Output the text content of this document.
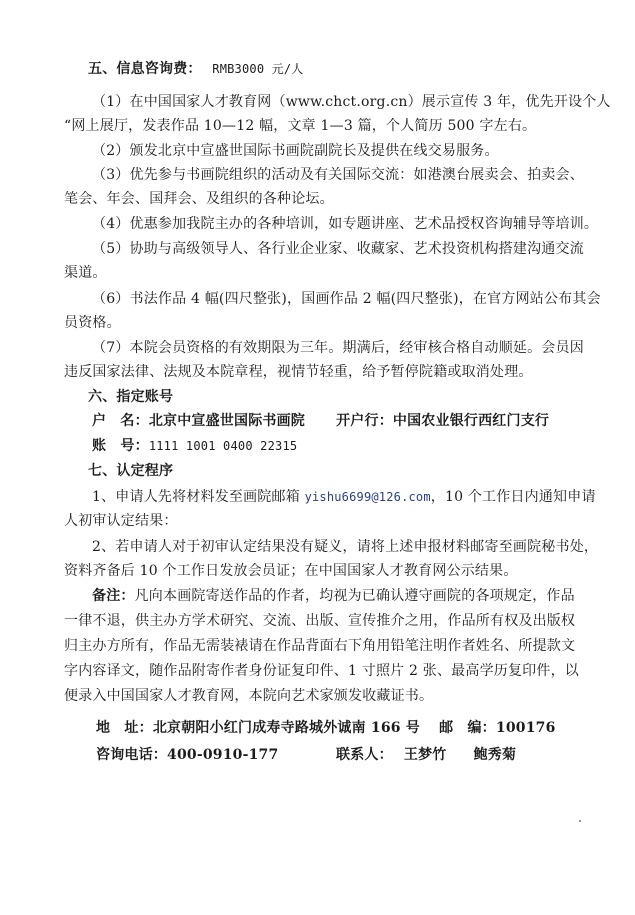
五、信息咨询费： RMB3000 元/人
（1）在中国国家人才教育网（www.chct.org.cn）展示宣传 3 年，优先开设个人
“网上展厅，发表作品 10—12 幅，文章 1—3 篇，个人简历 500 字左右。
（2）颁发北京中宣盛世国际书画院副院长及提供在线交易服务。
（3）优先参与书画院组织的活动及有关国际交流：如港澳台展卖会、拍卖会、
笔会、年会、国拜会、及组织的各种论坛。
（4）优惠参加我院主办的各种培训，如专题讲座、艺术品授权咨询辅导等培训。
（5）协助与高级领导人、各行业企业家、收藏家、艺术投资机构搭建沟通交流
渠道。
（6）书法作品 4 幅(四尺整张)，国画作品 2 幅(四尺整张)，在官方网站公布其会
员资格。
（7）本院会员资格的有效期限为三年。期满后，经审核合格自动顺延。会员因
违反国家法律、法规及本院章程，视情节轻重，给予暂停院籍或取消处理。
六、指定账号
户　名：北京中宣盛世国际书画院 开户行：中国农业银行西红门支行
账　号：1111 1001 0400 22315
七、认定程序
1、申请人先将材料发至画院邮箱 yishu6699@126.com，10 个工作日内通知申请
人初审认定结果：
2、若申请人对于初审认定结果没有疑义，请将上述申报材料邮寄至画院秘书处，
资料齐备后 10 个工作日发放会员证；在中国国家人才教育网公示结果。
备注：凡向本画院寄送作品的作者，均视为已确认遵守画院的各项规定，作品
一律不退，供主办方学术研究、交流、出版、宣传推介之用，作品所有权及出版权
归主办方所有，作品无需装裱请在作品背面右下角用铅笔注明作者姓名、所提款文
字内容译文，随作品附寄作者身份证复印件、1 寸照片 2 张、最高学历复印件，以
便录入中国国家人才教育网，本院向艺术家颁发收藏证书。
地　址：北京朝阳小红门成寿寺路城外诚南 166 号 邮　编：100176
咨询电话：400-0910-177	联系人： 王梦竹 鲍秀菊
